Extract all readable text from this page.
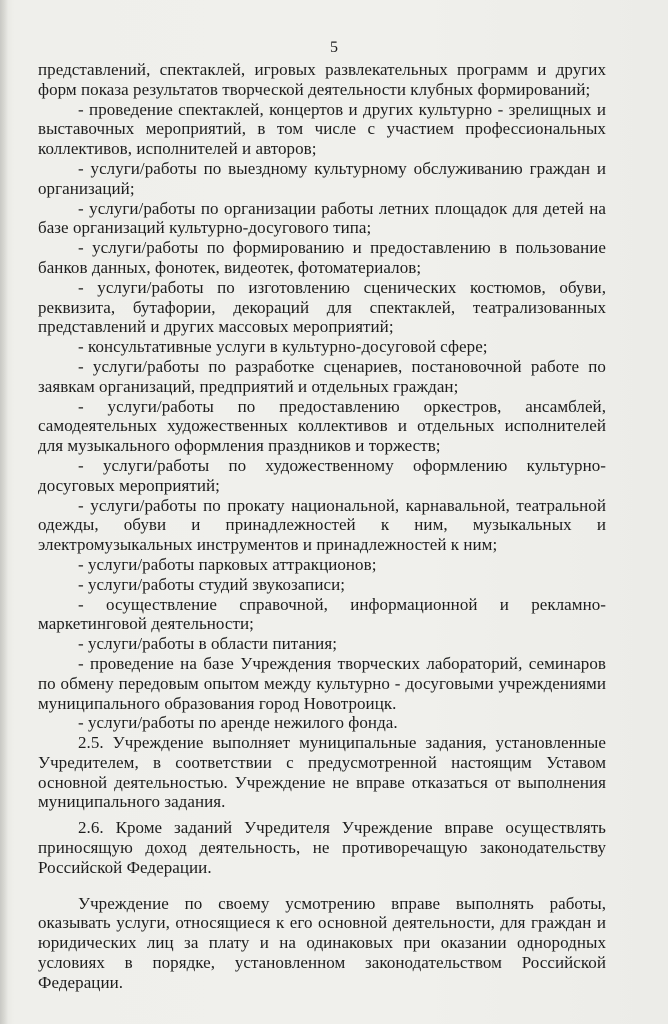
5

представлений, спектаклей, игровых развлекательных программ и других форм показа результатов творческой деятельности клубных формирований;

- проведение спектаклей, концертов и других культурно - зрелищных и выставочных мероприятий, в том числе с участием профессиональных коллективов, исполнителей и авторов;

- услуги/работы по выездному культурному обслуживанию граждан и организаций;

- услуги/работы по организации работы летних площадок для детей на базе организаций культурно-досугового типа;

- услуги/работы по формированию и предоставлению в пользование банков данных, фонотек, видеотек, фотоматериалов;

- услуги/работы по изготовлению сценических костюмов, обуви, реквизита, бутафории, декораций для спектаклей, театрализованных представлений и других массовых мероприятий;

- консультативные услуги в культурно-досуговой сфере;

- услуги/работы по разработке сценариев, постановочной работе по заявкам организаций, предприятий и отдельных граждан;

- услуги/работы по предоставлению оркестров, ансамблей, самодеятельных художественных коллективов и отдельных исполнителей для музыкального оформления праздников и торжеств;

- услуги/работы по художественному оформлению культурно-досуговых мероприятий;

- услуги/работы по прокату национальной, карнавальной, театральной одежды, обуви и принадлежностей к ним, музыкальных и электромузыкальных инструментов и принадлежностей к ним;

- услуги/работы парковых аттракционов;

- услуги/работы студий звукозаписи;

- осуществление справочной, информационной и рекламно-маркетинговой деятельности;

- услуги/работы в области питания;

- проведение на базе Учреждения творческих лабораторий, семинаров по обмену передовым опытом между культурно - досуговыми учреждениями муниципального образования город Новотроицк.

- услуги/работы по аренде нежилого фонда.

2.5. Учреждение выполняет муниципальные задания, установленные Учредителем, в соответствии с предусмотренной настоящим Уставом основной деятельностью. Учреждение не вправе отказаться от выполнения муниципального задания.

2.6. Кроме заданий Учредителя Учреждение вправе осуществлять приносящую доход деятельность, не противоречащую законодательству Российской Федерации.

Учреждение по своему усмотрению вправе выполнять работы, оказывать услуги, относящиеся к его основной деятельности, для граждан и юридических лиц за плату и на одинаковых при оказании однородных условиях в порядке, установленном законодательством Российской Федерации.
